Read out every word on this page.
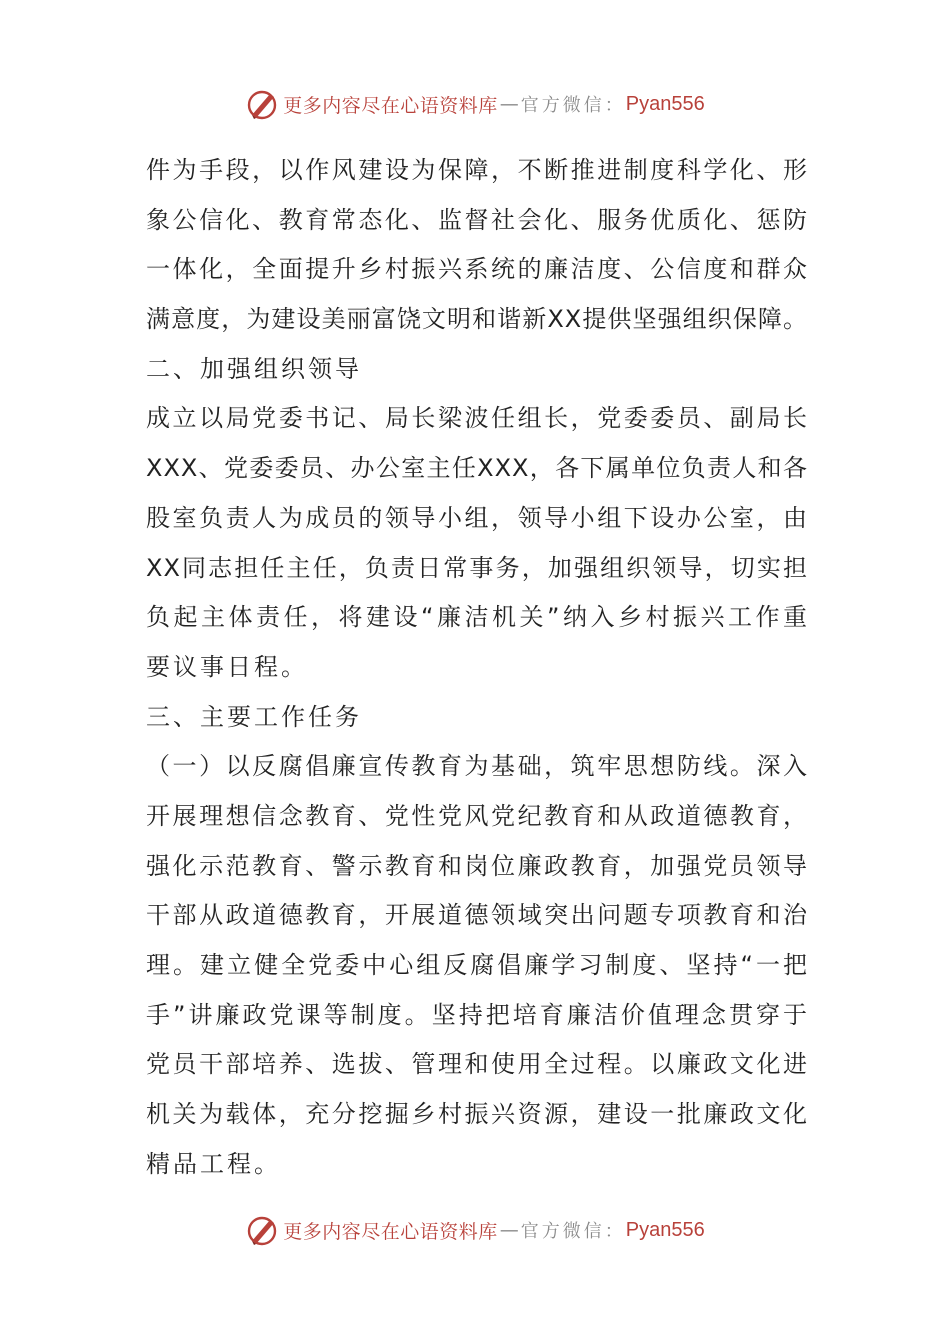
更多内容尽在心语资料库 — 官方微信： Pyan556
件为手段，以作风建设为保障，不断推进制度科学化、形
象公信化、教育常态化、监督社会化、服务优质化、惩防
一体化，全面提升乡村振兴系统的廉洁度、公信度和群众
满意度，为建设美丽富饶文明和谐新XX提供坚强组织保障。
二、加强组织领导
成立以局党委书记、局长梁波任组长，党委委员、副局长
XXX、党委委员、办公室主任XXX，各下属单位负责人和各
股室负责人为成员的领导小组，领导小组下设办公室，由
XX同志担任主任，负责日常事务，加强组织领导，切实担
负起主体责任，将建设“廉洁机关”纳入乡村振兴工作重
要议事日程。
三、主要工作任务
（一）以反腐倡廉宣传教育为基础，筑牢思想防线。深入
开展理想信念教育、党性党风党纪教育和从政道德教育，
强化示范教育、警示教育和岗位廉政教育，加强党员领导
干部从政道德教育，开展道德领域突出问题专项教育和治
理。建立健全党委中心组反腐倡廉学习制度、坚持“一把
手”讲廉政党课等制度。坚持把培育廉洁价值理念贯穿于
党员干部培养、选拔、管理和使用全过程。以廉政文化进
机关为载体，充分挖掘乡村振兴资源，建设一批廉政文化
精品工程。
更多内容尽在心语资料库 — 官方微信： Pyan556
